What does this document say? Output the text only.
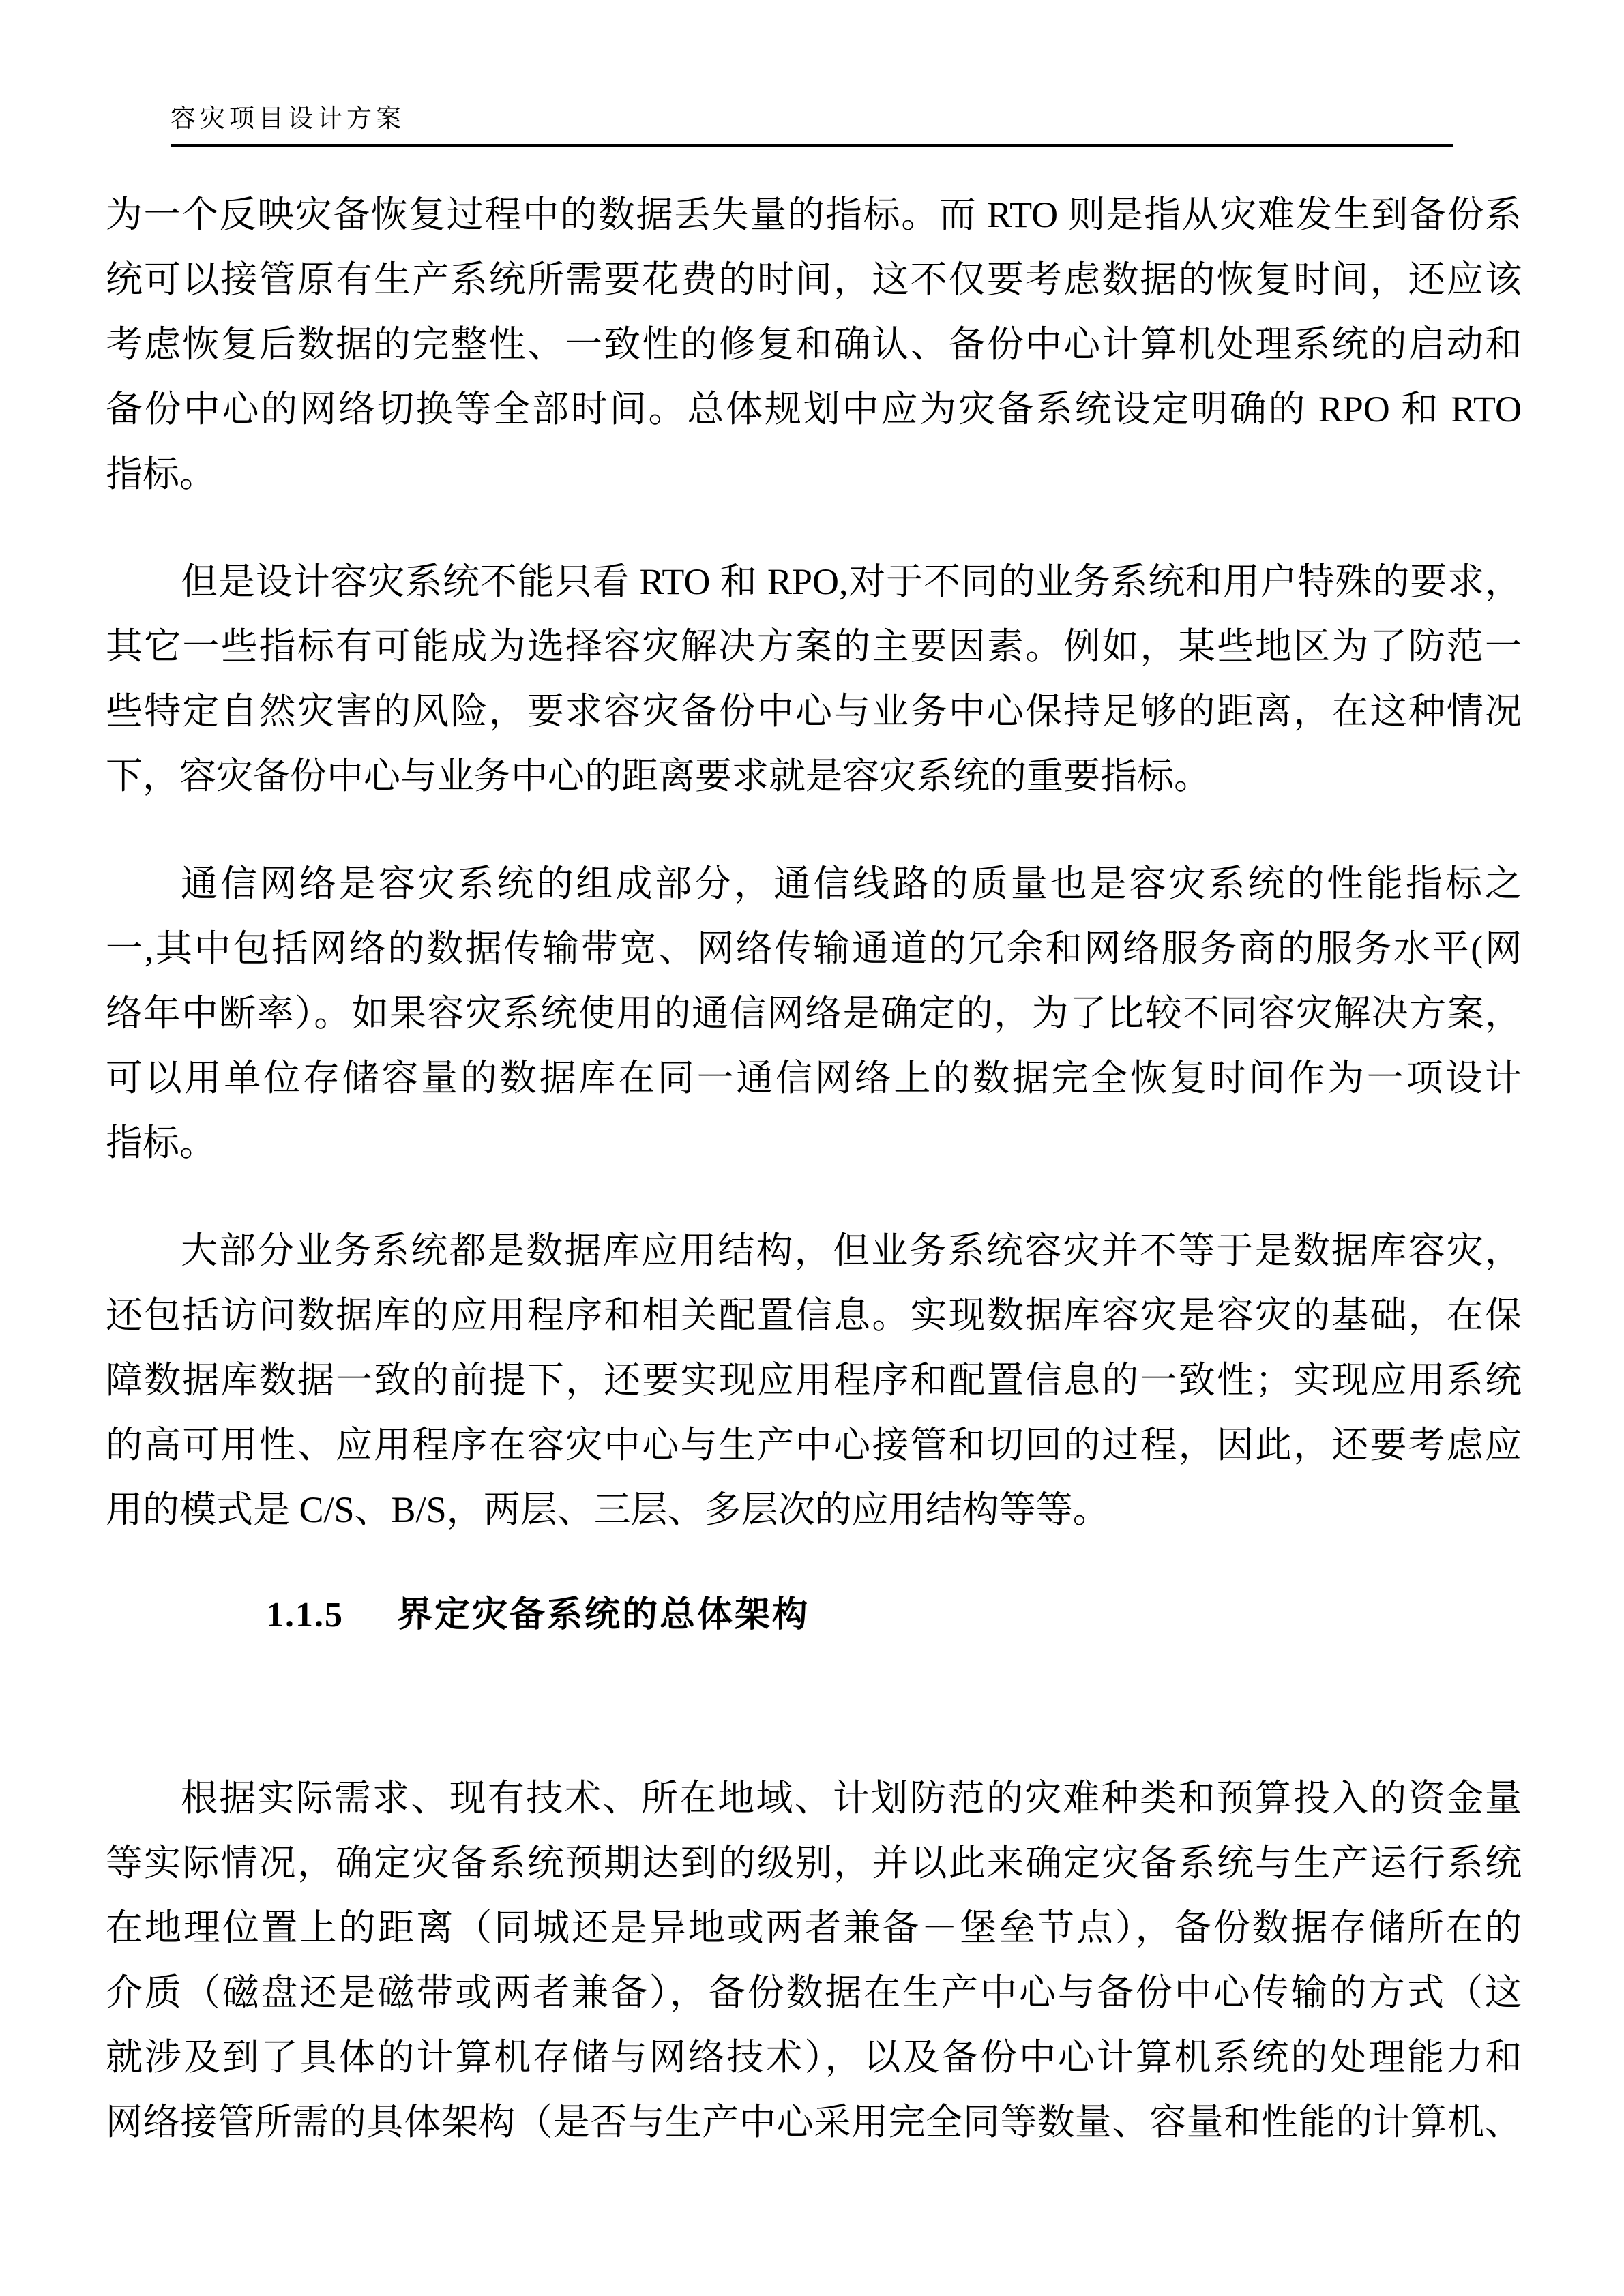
容灾项目设计方案
为一个反映灾备恢复过程中的数据丢失量的指标。而 RTO 则是指从灾难发生到备份系
统可以接管原有生产系统所需要花费的时间，这不仅要考虑数据的恢复时间，还应该
考虑恢复后数据的完整性、一致性的修复和确认、备份中心计算机处理系统的启动和
备份中心的网络切换等全部时间。总体规划中应为灾备系统设定明确的 RPO 和 RTO
指标。
但是设计容灾系统不能只看 RTO 和 RPO,对于不同的业务系统和用户特殊的要求，
其它一些指标有可能成为选择容灾解决方案的主要因素。例如，某些地区为了防范一
些特定自然灾害的风险，要求容灾备份中心与业务中心保持足够的距离，在这种情况
下，容灾备份中心与业务中心的距离要求就是容灾系统的重要指标。
通信网络是容灾系统的组成部分，通信线路的质量也是容灾系统的性能指标之
一,其中包括网络的数据传输带宽、网络传输通道的冗余和网络服务商的服务水平(网
络年中断率）。如果容灾系统使用的通信网络是确定的，为了比较不同容灾解决方案，
可以用单位存储容量的数据库在同一通信网络上的数据完全恢复时间作为一项设计
指标。
大部分业务系统都是数据库应用结构，但业务系统容灾并不等于是数据库容灾，
还包括访问数据库的应用程序和相关配置信息。实现数据库容灾是容灾的基础，在保
障数据库数据一致的前提下，还要实现应用程序和配置信息的一致性；实现应用系统
的高可用性、应用程序在容灾中心与生产中心接管和切回的过程，因此，还要考虑应
用的模式是 C/S、B/S，两层、三层、多层次的应用结构等等。
1.1.5 界定灾备系统的总体架构
根据实际需求、现有技术、所在地域、计划防范的灾难种类和预算投入的资金量
等实际情况，确定灾备系统预期达到的级别，并以此来确定灾备系统与生产运行系统
在地理位置上的距离（同城还是异地或两者兼备－堡垒节点），备份数据存储所在的
介质（磁盘还是磁带或两者兼备），备份数据在生产中心与备份中心传输的方式（这
就涉及到了具体的计算机存储与网络技术），以及备份中心计算机系统的处理能力和
网络接管所需的具体架构（是否与生产中心采用完全同等数量、容量和性能的计算机、
